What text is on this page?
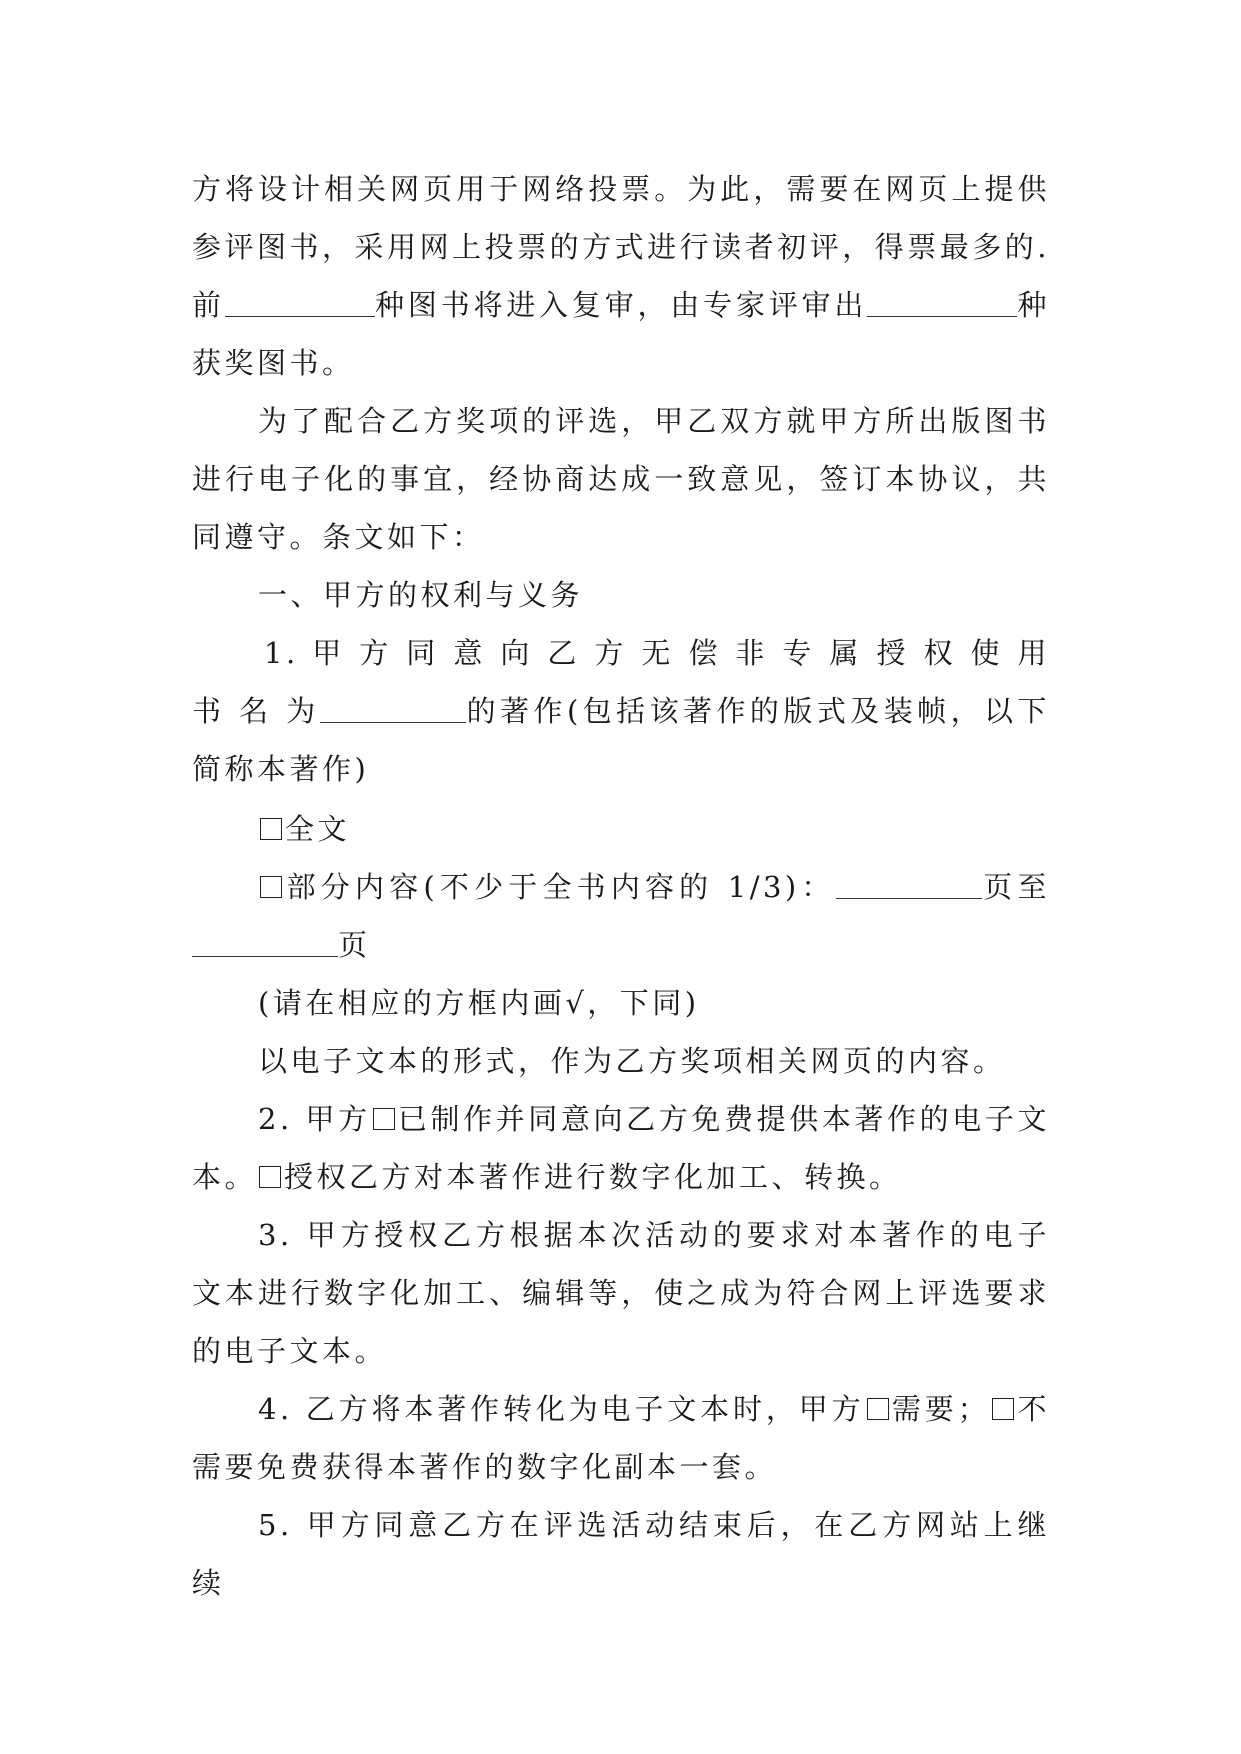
方将设计相关网页用于网络投票。为此，需要在网页上提供参评图书，采用网上投票的方式进行读者初评，得票最多的.前	种图书将进入复审，由专家评审出	种获奖图书。

为了配合乙方奖项的评选，甲乙双方就甲方所出版图书进行电子化的事宜，经协商达成一致意见，签订本协议，共同遵守。条文如下：

一、甲方的权利与义务

1. 甲 方 同 意 向 乙 方 无 偿 非 专 属 授 权 使 用 书 名 为	的著作(包括该著作的版式及装帧，以下简称本著作)

全文

部分内容(不少于全书内容的 1/3)：	页至页

(请在相应的方框内画√，下同)

以电子文本的形式，作为乙方奖项相关网页的内容。

2. 甲方 已制作并同意向乙方免费提供本著作的电子文本。 授权乙方对本著作进行数字化加工、转换。

3. 甲方授权乙方根据本次活动的要求对本著作的电子文本进行数字化加工、编辑等，使之成为符合网上评选要求的电子文本。

4. 乙方将本著作转化为电子文本时，甲方 需要； 不需要免费获得本著作的数字化副本一套。

5. 甲方同意乙方在评选活动结束后，在乙方网站上继续
